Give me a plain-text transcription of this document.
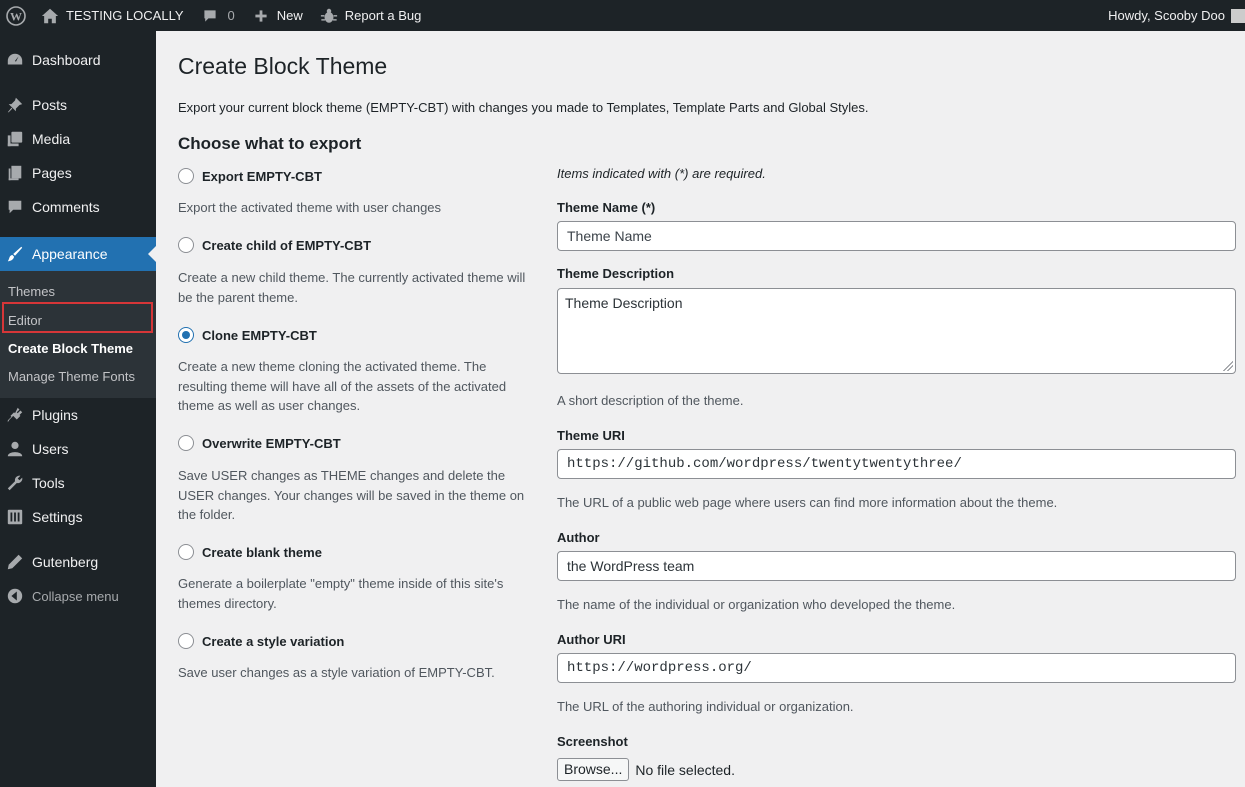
W	TESTING LOCALLY	0	New	Report a Bug	Howdy, Scooby Doo
Dashboard
Posts
Media
Pages
Comments
Appearance
Themes
Editor
Create Block Theme
Manage Theme Fonts
Plugins
Users
Tools
Settings
Gutenberg
Collapse menu
Create Block Theme

Export your current block theme (EMPTY-CBT) with changes you made to Templates, Template Parts and Global Styles.

Choose what to export
Export EMPTY-CBT

Export the activated theme with user changes

Create child of EMPTY-CBT

Create a new child theme. The currently activated theme will be the parent theme.

Clone EMPTY-CBT

Create a new theme cloning the activated theme. The resulting theme will have all of the assets of the activated theme as well as user changes.

Overwrite EMPTY-CBT

Save USER changes as THEME changes and delete the USER changes. Your changes will be saved in the theme on the folder.

Create blank theme

Generate a boilerplate "empty" theme inside of this site's themes directory.

Create a style variation

Save user changes as a style variation of EMPTY-CBT.

Items indicated with (*) are required.

Theme Name (*)

Theme Name

Theme Description

Theme Description

A short description of the theme.

Theme URI

https://github.com/wordpress/twentytwentythree/

The URL of a public web page where users can find more information about the theme.

Author

the WordPress team

The name of the individual or organization who developed the theme.

Author URI

https://wordpress.org/

The URL of the authoring individual or organization.

Screenshot

Browse... No file selected.
